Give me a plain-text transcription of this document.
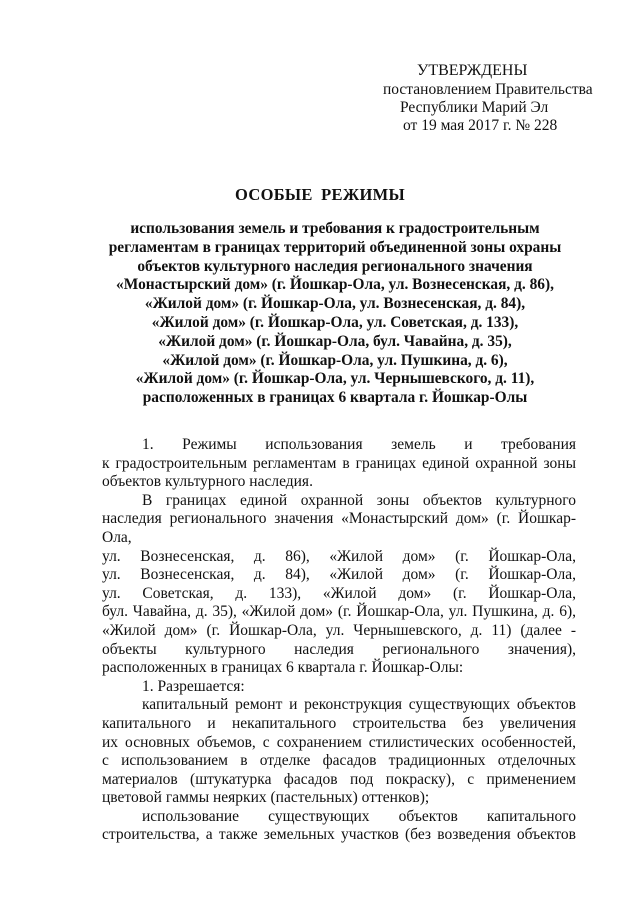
УТВЕРЖДЕНЫ
постановлением Правительства
Республики Марий Эл
от 19 мая 2017 г. № 228
ОСОБЫЕ РЕЖИМЫ
использования земель и требования к градостроительным
регламентам в границах территорий объединенной зоны охраны
объектов культурного наследия регионального значения
«Монастырский дом» (г. Йошкар-Ола, ул. Вознесенская, д. 86),
«Жилой дом» (г. Йошкар-Ола, ул. Вознесенская, д. 84),
«Жилой дом» (г. Йошкар-Ола, ул. Советская, д. 133),
«Жилой дом» (г. Йошкар-Ола, бул. Чавайна, д. 35),
«Жилой дом» (г. Йошкар-Ола, ул. Пушкина, д. 6),
«Жилой дом» (г. Йошкар-Ола, ул. Чернышевского, д. 11),
расположенных в границах 6 квартала г. Йошкар-Олы
1. Режимы использования земель и требования
к градостроительным регламентам в границах единой охранной зоны
объектов культурного наследия.
В границах единой охранной зоны объектов культурного
наследия регионального значения «Монастырский дом» (г. Йошкар-Ола,
ул. Вознесенская, д. 86), «Жилой дом» (г. Йошкар-Ола,
ул. Вознесенская, д. 84), «Жилой дом» (г. Йошкар-Ола,
ул. Советская, д. 133), «Жилой дом» (г. Йошкар-Ола,
бул. Чавайна, д. 35), «Жилой дом» (г. Йошкар-Ола, ул. Пушкина, д. 6),
«Жилой дом» (г. Йошкар-Ола, ул. Чернышевского, д. 11) (далее -
объекты культурного наследия регионального значения),
расположенных в границах 6 квартала г. Йошкар-Олы:
1. Разрешается:
капитальный ремонт и реконструкция существующих объектов
капитального и некапитального строительства без увеличения
их основных объемов, с сохранением стилистических особенностей,
с использованием в отделке фасадов традиционных отделочных
материалов (штукатурка фасадов под покраску), с применением
цветовой гаммы неярких (пастельных) оттенков);
использование существующих объектов капитального
строительства, а также земельных участков (без возведения объектов
